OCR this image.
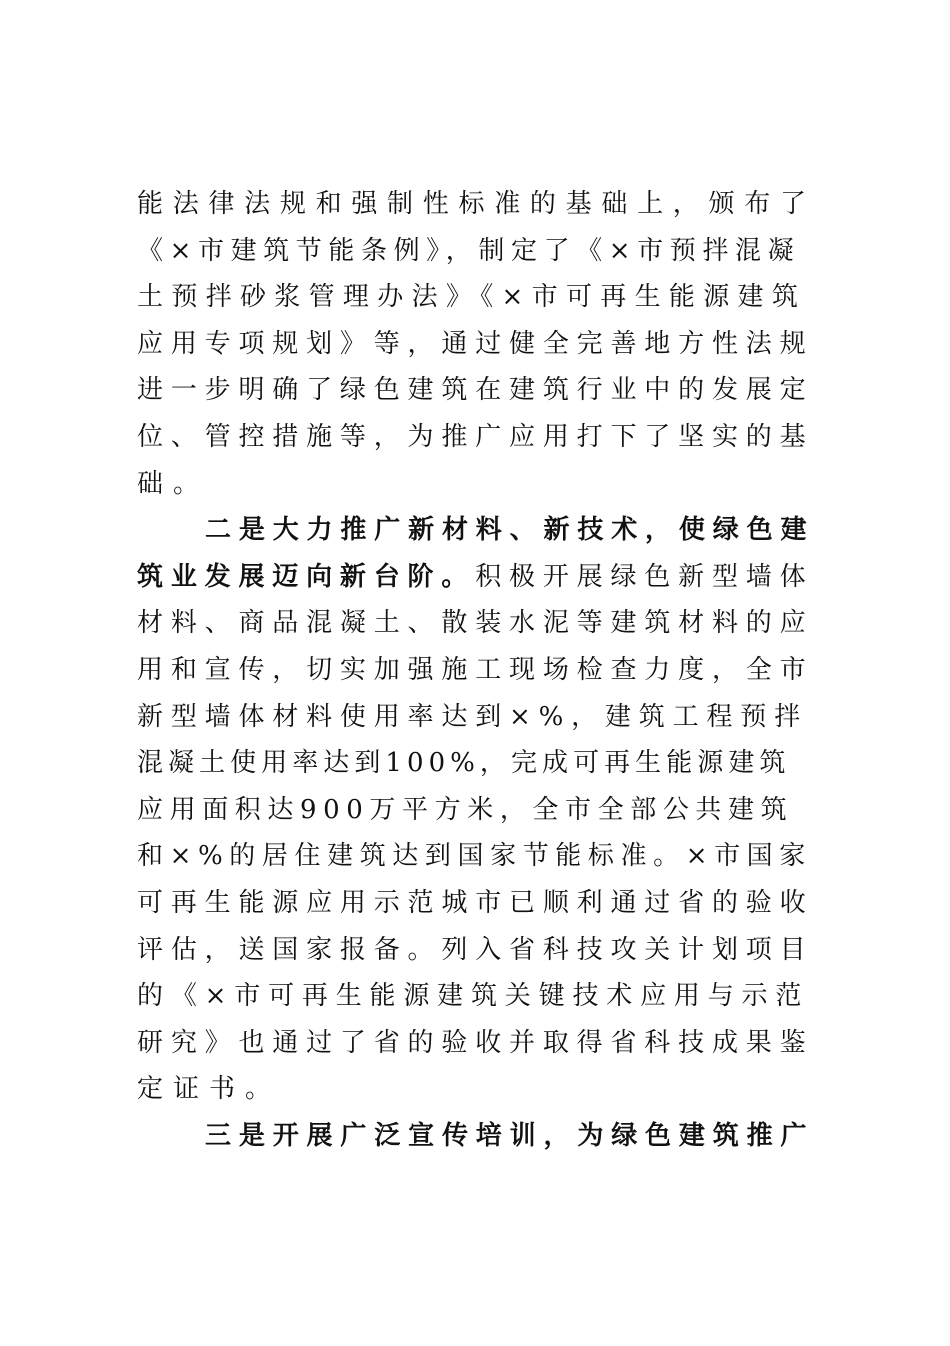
能法律法规和强制性标准的基础上，颁布了
《×市建筑节能条例》，制定了《×市预拌混凝
土预拌砂浆管理办法》《×市可再生能源建筑
应用专项规划》等，通过健全完善地方性法规
进一步明确了绿色建筑在建筑行业中的发展定
位、管控措施等，为推广应用打下了坚实的基
础。
二是大力推广新材料、新技术，使绿色建
筑业发展迈向新台阶。积极开展绿色新型墙体
材料、商品混凝土、散装水泥等建筑材料的应
用和宣传，切实加强施工现场检查力度，全市
新型墙体材料使用率达到×%，建筑工程预拌
混凝土使用率达到100%，完成可再生能源建筑
应用面积达900万平方米，全市全部公共建筑
和×%的居住建筑达到国家节能标准。×市国家
可再生能源应用示范城市已顺利通过省的验收
评估，送国家报备。列入省科技攻关计划项目
的《×市可再生能源建筑关键技术应用与示范
研究》也通过了省的验收并取得省科技成果鉴
定证书。
三是开展广泛宣传培训，为绿色建筑推广
